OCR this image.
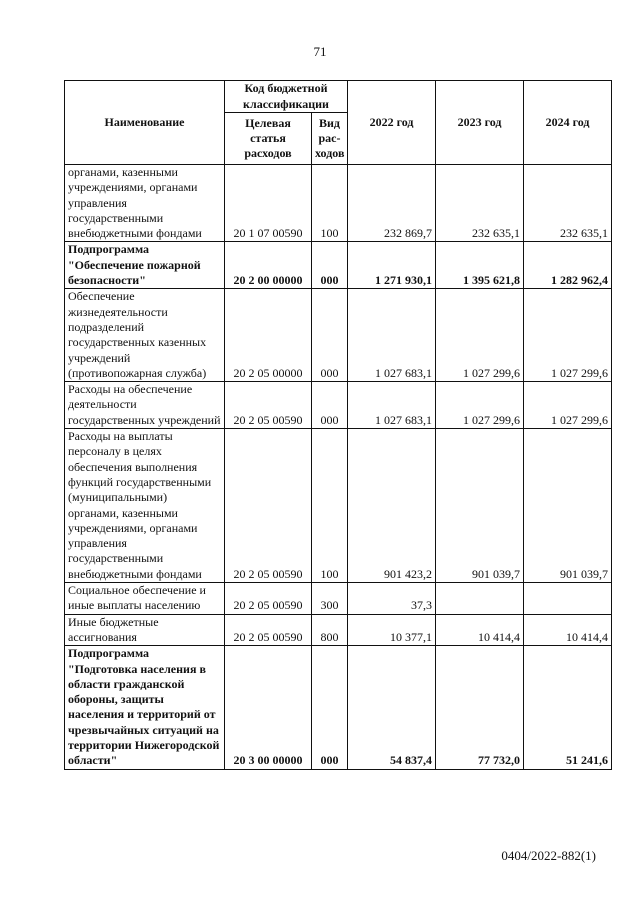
71
Наименование	Код бюджетной классификации		2022 год	2023 год	2024 год
	Целевая статья расходов	Вид рас- ходов			
органами, казенными учреждениями, органами управления государственными внебюджетными фондами	20 1 07 00590	100	232 869,7	232 635,1	232 635,1
Подпрограмма "Обеспечение пожарной безопасности"	20 2 00 00000	000	1 271 930,1	1 395 621,8	1 282 962,4
Обеспечение жизнедеятельности подразделений государственных казенных учреждений (противопожарная служба)	20 2 05 00000	000	1 027 683,1	1 027 299,6	1 027 299,6
Расходы на обеспечение деятельности государственных учреждений	20 2 05 00590	000	1 027 683,1	1 027 299,6	1 027 299,6
Расходы на выплаты персоналу в целях обеспечения выполнения функций государственными (муниципальными) органами, казенными учреждениями, органами управления государственными внебюджетными фондами	20 2 05 00590	100	901 423,2	901 039,7	901 039,7
Социальное обеспечение и иные выплаты населению	20 2 05 00590	300	37,3		
Иные бюджетные ассигнования	20 2 05 00590	800	10 377,1	10 414,4	10 414,4
Подпрограмма "Подготовка населения в области гражданской обороны, защиты населения и территорий от чрезвычайных ситуаций на территории Нижегородской области"	20 3 00 00000	000	54 837,4	77 732,0	51 241,6
0404/2022-882(1)
